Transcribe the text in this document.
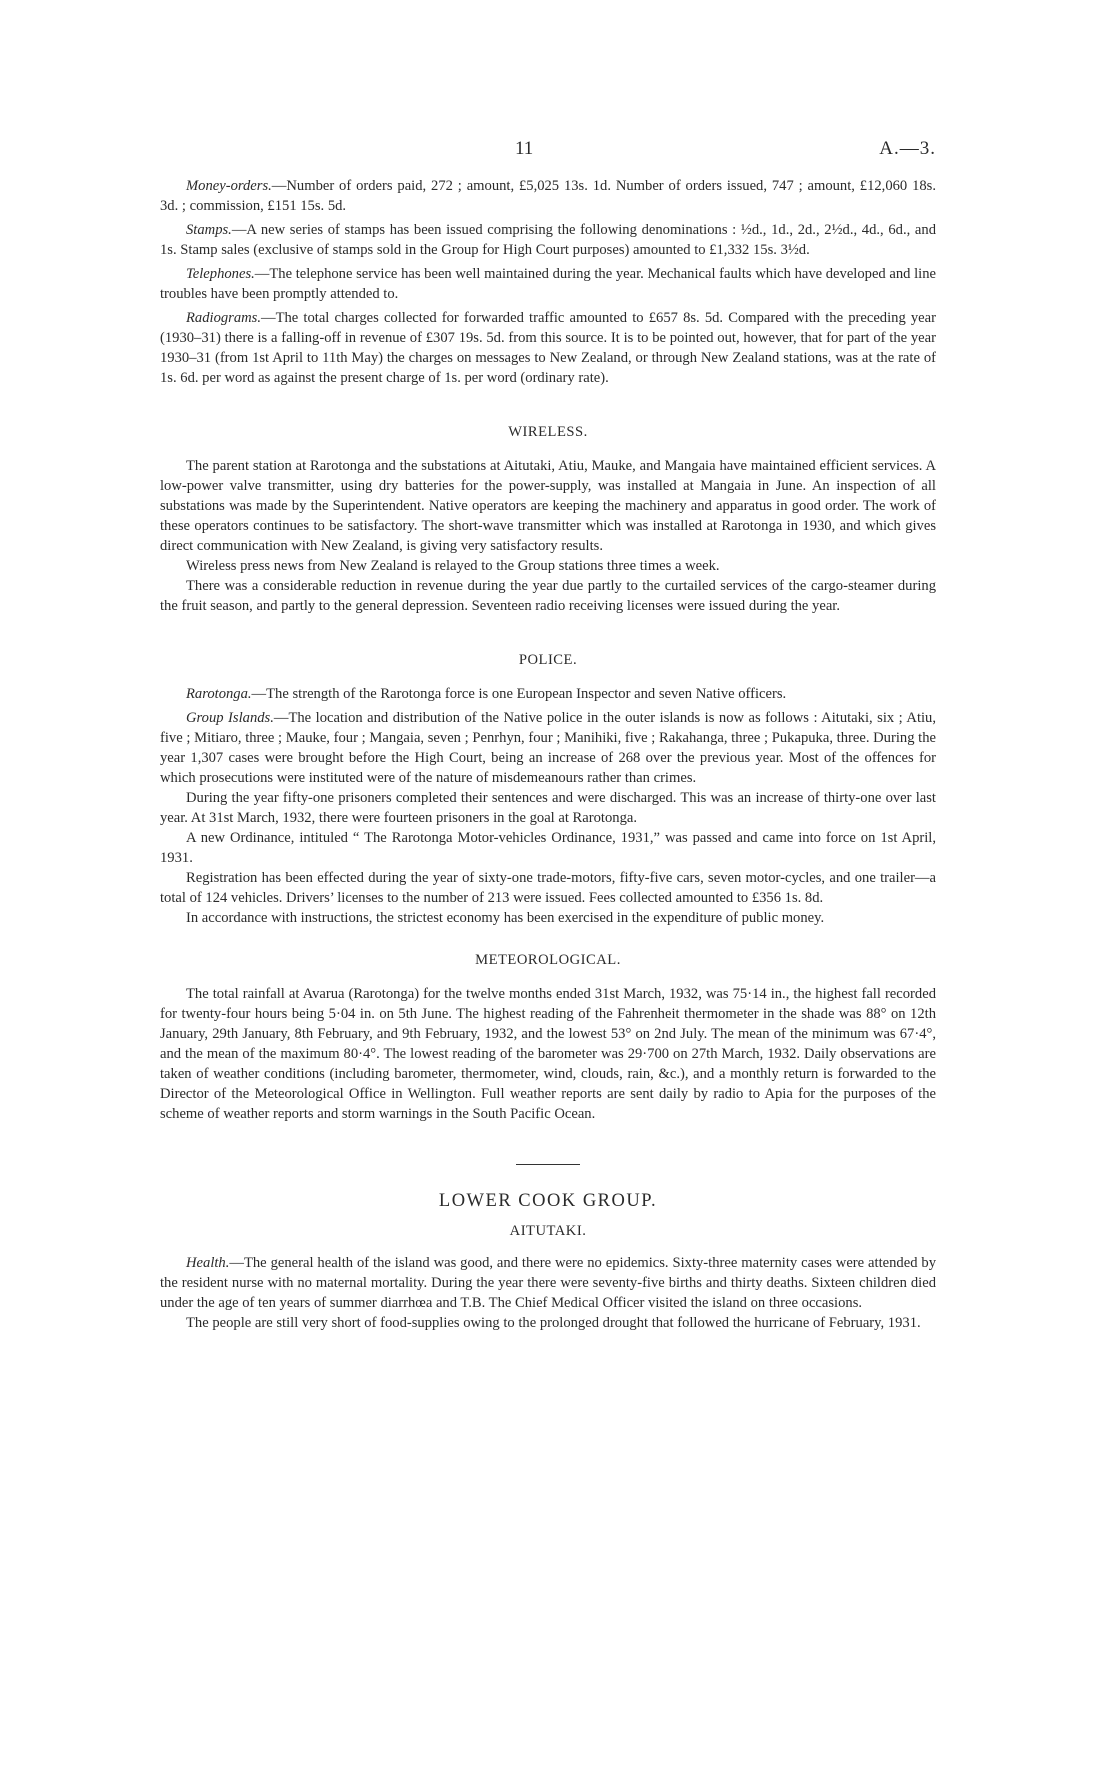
11	A.—3.

Money-orders.—Number of orders paid, 272 ; amount, £5,025 13s. 1d. Number of orders issued, 747 ; amount, £12,060 18s. 3d. ; commission, £151 15s. 5d.

Stamps.—A new series of stamps has been issued comprising the following denominations : ½d., 1d., 2d., 2½d., 4d., 6d., and 1s. Stamp sales (exclusive of stamps sold in the Group for High Court purposes) amounted to £1,332 15s. 3½d.

Telephones.—The telephone service has been well maintained during the year. Mechanical faults which have developed and line troubles have been promptly attended to.

Radiograms.—The total charges collected for forwarded traffic amounted to £657 8s. 5d. Compared with the preceding year (1930–31) there is a falling-off in revenue of £307 19s. 5d. from this source. It is to be pointed out, however, that for part of the year 1930–31 (from 1st April to 11th May) the charges on messages to New Zealand, or through New Zealand stations, was at the rate of 1s. 6d. per word as against the present charge of 1s. per word (ordinary rate).

WIRELESS.

The parent station at Rarotonga and the substations at Aitutaki, Atiu, Mauke, and Mangaia have maintained efficient services. A low-power valve transmitter, using dry batteries for the power-supply, was installed at Mangaia in June. An inspection of all substations was made by the Superintendent. Native operators are keeping the machinery and apparatus in good order. The work of these operators continues to be satisfactory. The short-wave transmitter which was installed at Rarotonga in 1930, and which gives direct communication with New Zealand, is giving very satisfactory results.

Wireless press news from New Zealand is relayed to the Group stations three times a week.

There was a considerable reduction in revenue during the year due partly to the curtailed services of the cargo-steamer during the fruit season, and partly to the general depression. Seventeen radio receiving licenses were issued during the year.

POLICE.

Rarotonga.—The strength of the Rarotonga force is one European Inspector and seven Native officers.

Group Islands.—The location and distribution of the Native police in the outer islands is now as follows : Aitutaki, six ; Atiu, five ; Mitiaro, three ; Mauke, four ; Mangaia, seven ; Penrhyn, four ; Manihiki, five ; Rakahanga, three ; Pukapuka, three. During the year 1,307 cases were brought before the High Court, being an increase of 268 over the previous year. Most of the offences for which prosecutions were instituted were of the nature of misdemeanours rather than crimes.

During the year fifty-one prisoners completed their sentences and were discharged. This was an increase of thirty-one over last year. At 31st March, 1932, there were fourteen prisoners in the goal at Rarotonga.

A new Ordinance, intituled “ The Rarotonga Motor-vehicles Ordinance, 1931,” was passed and came into force on 1st April, 1931.

Registration has been effected during the year of sixty-one trade-motors, fifty-five cars, seven motor-cycles, and one trailer—a total of 124 vehicles. Drivers’ licenses to the number of 213 were issued. Fees collected amounted to £356 1s. 8d.

In accordance with instructions, the strictest economy has been exercised in the expenditure of public money.

METEOROLOGICAL.

The total rainfall at Avarua (Rarotonga) for the twelve months ended 31st March, 1932, was 75·14 in., the highest fall recorded for twenty-four hours being 5·04 in. on 5th June. The highest reading of the Fahrenheit thermometer in the shade was 88° on 12th January, 29th January, 8th February, and 9th February, 1932, and the lowest 53° on 2nd July. The mean of the minimum was 67·4°, and the mean of the maximum 80·4°. The lowest reading of the barometer was 29·700 on 27th March, 1932. Daily observations are taken of weather conditions (including barometer, thermometer, wind, clouds, rain, &c.), and a monthly return is forwarded to the Director of the Meteorological Office in Wellington. Full weather reports are sent daily by radio to Apia for the purposes of the scheme of weather reports and storm warnings in the South Pacific Ocean.

LOWER COOK GROUP.
AITUTAKI.

Health.—The general health of the island was good, and there were no epidemics. Sixty-three maternity cases were attended by the resident nurse with no maternal mortality. During the year there were seventy-five births and thirty deaths. Sixteen children died under the age of ten years of summer diarrhœa and T.B. The Chief Medical Officer visited the island on three occasions.

The people are still very short of food-supplies owing to the prolonged drought that followed the hurricane of February, 1931.
